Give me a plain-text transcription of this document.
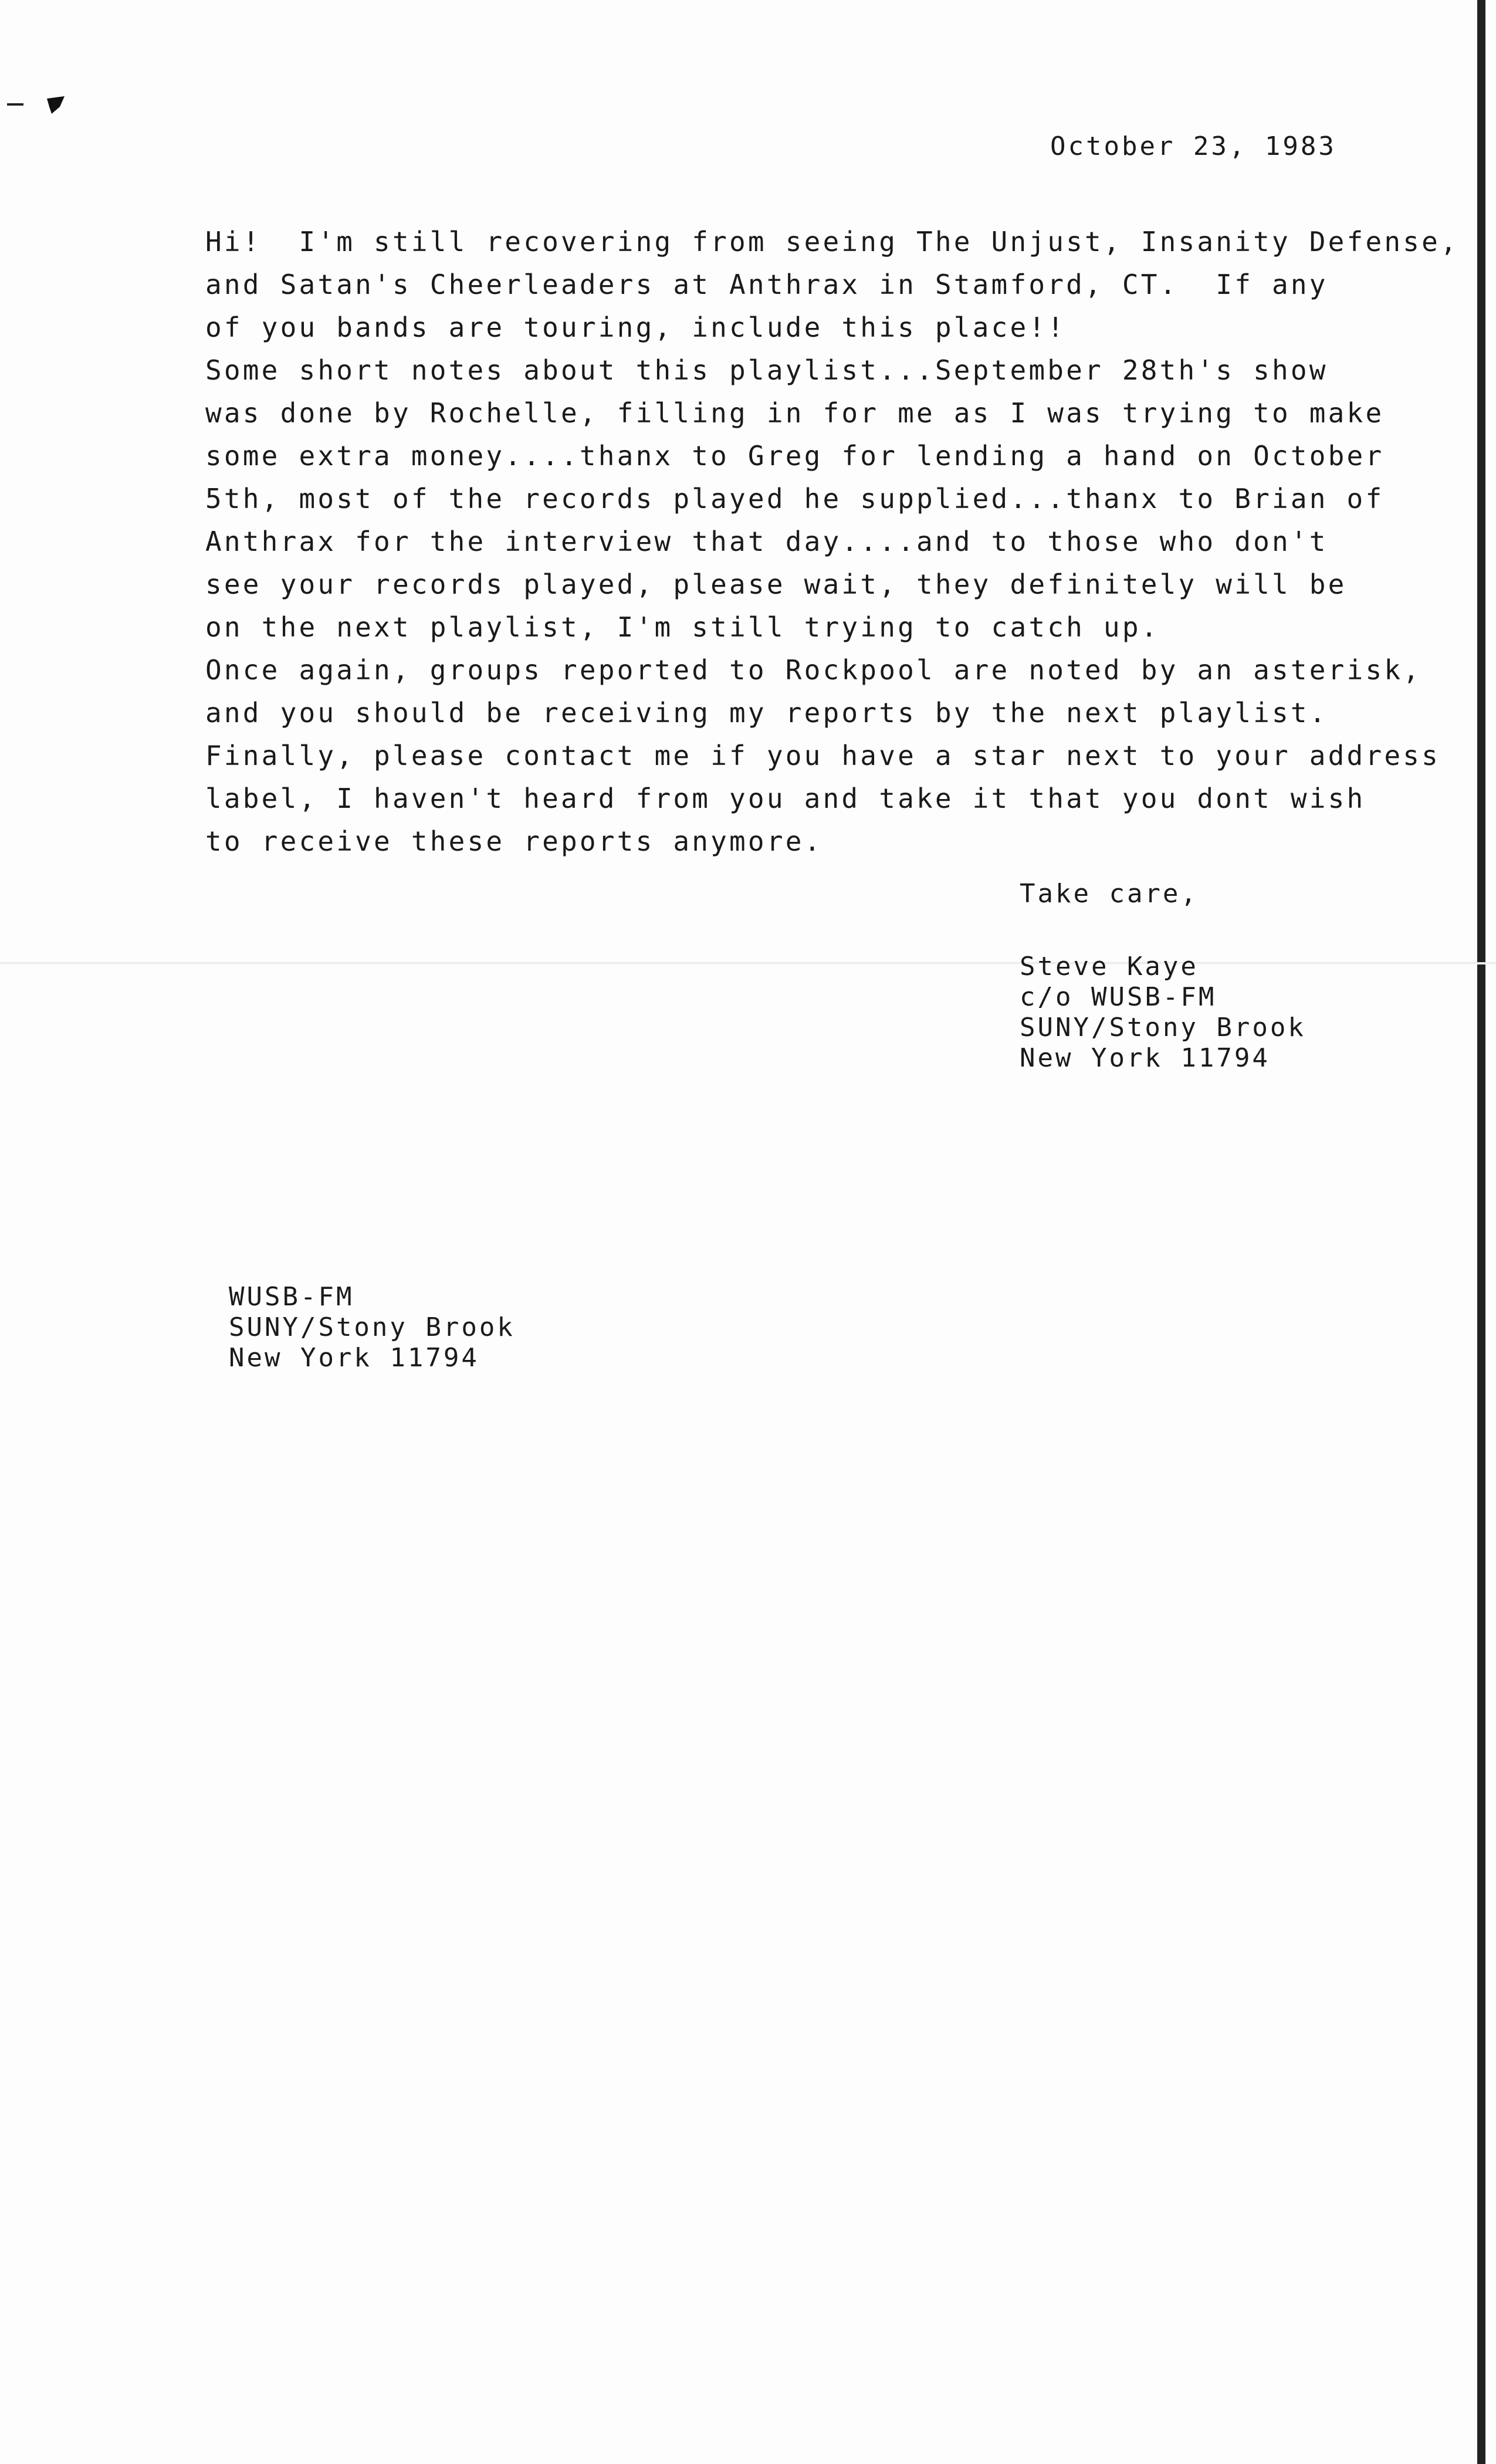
October 23, 1983
Hi!  I'm still recovering from seeing The Unjust, Insanity Defense,
and Satan's Cheerleaders at Anthrax in Stamford, CT.  If any
of you bands are touring, include this place!!
Some short notes about this playlist...September 28th's show
was done by Rochelle, filling in for me as I was trying to make
some extra money....thanx to Greg for lending a hand on October
5th, most of the records played he supplied...thanx to Brian of
Anthrax for the interview that day....and to those who don't
see your records played, please wait, they definitely will be
on the next playlist, I'm still trying to catch up.
Once again, groups reported to Rockpool are noted by an asterisk,
and you should be receiving my reports by the next playlist.
Finally, please contact me if you have a star next to your address
label, I haven't heard from you and take it that you dont wish
to receive these reports anymore.
Take care,
Steve Kaye
c/o WUSB-FM
SUNY/Stony Brook
New York 11794
WUSB-FM
SUNY/Stony Brook
New York 11794
